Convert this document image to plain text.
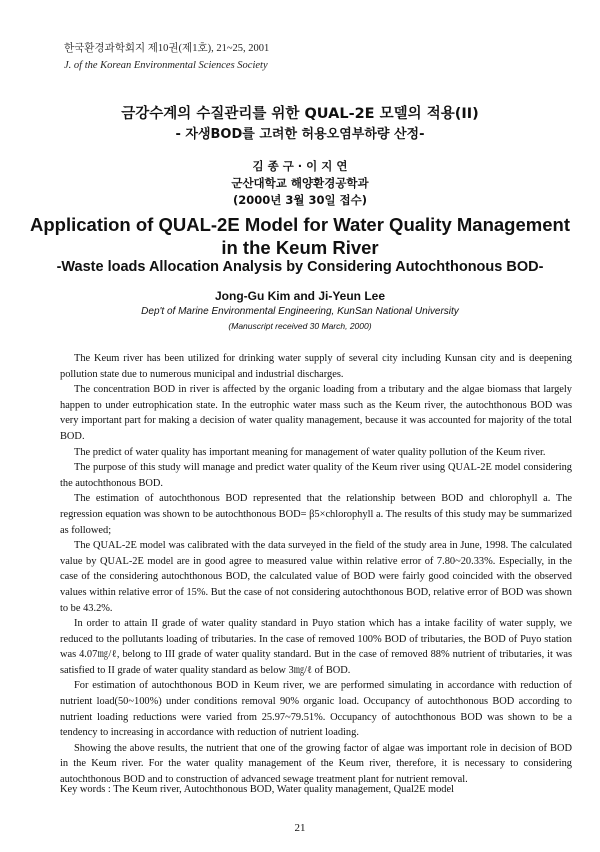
한국환경과학회지 제10권(제1호), 21~25, 2001
J. of the Korean Environmental Sciences Society
금강수계의 수질관리를 위한 QUAL-2E 모델의 적용(II)
- 자생BOD를 고려한 허용오염부하량 산정-
김 종 구 · 이 지 연
군산대학교 해양환경공학과
(2000년 3월 30일 접수)
Application of QUAL-2E Model for Water Quality Management
in the Keum River
-Waste loads Allocation Analysis by Considering Autochthonous BOD-
Jong-Gu Kim and Ji-Yeun Lee
Dep't of Marine Environmental Engineering, KunSan National University
(Manuscript received 30 March, 2000)

The Keum river has been utilized for drinking water supply of several city including Kunsan city and is deepening pollution state due to numerous municipal and industrial discharges.

The concentration BOD in river is affected by the organic loading from a tributary and the algae biomass that largely happen to under eutrophication state. In the eutrophic water mass such as the Keum river, the autochthonous BOD was very important part for making a decision of water quality management, because it was accounted for majority of the total BOD.

The predict of water quality has important meaning for management of water quality pollution of the Keum river.

The purpose of this study will manage and predict water quality of the Keum river using QUAL-2E model considering the autochthonous BOD.

The estimation of autochthonous BOD represented that the relationship between BOD and chlorophyll a. The regression equation was shown to be autochthonous BOD= β5×chlorophyll a. The results of this study may be summarized as followed;

The QUAL-2E model was calibrated with the data surveyed in the field of the study area in June, 1998. The calculated value by QUAL-2E model are in good agree to measured value within relative error of 7.80~20.33%. Especially, in the case of the considering autochthonous BOD, the calculated value of BOD were fairly good coincided with the observed values within relative error of 15%. But the case of not considering autochthonous BOD, relative error of BOD was shown to be 43.2%.

In order to attain II grade of water quality standard in Puyo station which has a intake facility of water supply, we reduced to the pollutants loading of tributaries. In the case of removed 100% BOD of tributaries, the BOD of Puyo station was 4.07㎎/ℓ, belong to III grade of water quality standard. But in the case of removed 88% nutrient of tributaries, it was satisfied to II grade of water quality standard as below 3㎎/ℓ of BOD.

For estimation of autochthonous BOD in Keum river, we are performed simulating in accordance with reduction of nutrient load(50~100%) under conditions removal 90% organic load. Occupancy of autochthonous BOD according to nutrient loading reductions were varied from 25.97~79.51%. Occupancy of autochthonous BOD was shown to be a tendency to increasing in accordance with reduction of nutrient loading.

Showing the above results, the nutrient that one of the growing factor of algae was important role in decision of BOD in the Keum river. For the water quality management of the Keum river, therefore, it is necessary to considering autochthonous BOD and to construction of advanced sewage treatment plant for nutrient removal.

Key words : The Keum river, Autochthonous BOD, Water quality management, Qual2E model
21
